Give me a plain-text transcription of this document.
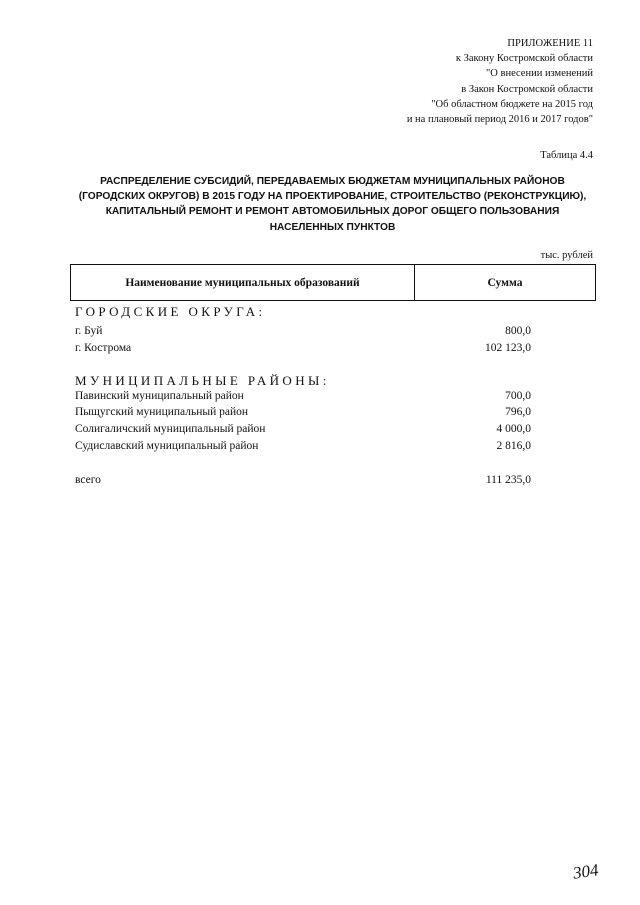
ПРИЛОЖЕНИЕ 11
к Закону Костромской области
"О внесении изменений
в Закон Костромской области
"Об областном бюджете на 2015 год
и на плановый период 2016 и 2017 годов"
Таблица 4.4
РАСПРЕДЕЛЕНИЕ СУБСИДИЙ, ПЕРЕДАВАЕМЫХ БЮДЖЕТАМ МУНИЦИПАЛЬНЫХ РАЙОНОВ (ГОРОДСКИХ ОКРУГОВ) В 2015 ГОДУ НА ПРОЕКТИРОВАНИЕ, СТРОИТЕЛЬСТВО (РЕКОНСТРУКЦИЮ), КАПИТАЛЬНЫЙ РЕМОНТ И РЕМОНТ АВТОМОБИЛЬНЫХ ДОРОГ ОБЩЕГО ПОЛЬЗОВАНИЯ НАСЕЛЕННЫХ ПУНКТОВ
тыс. рублей
Наименование муниципальных образований	Сумма
ГОРОДСКИЕ ОКРУГА:
г. Буй	800,0
г. Кострома	102 123,0
МУНИЦИПАЛЬНЫЕ РАЙОНЫ:
Павинский муниципальный район	700,0
Пыщугский муниципальный район	796,0
Солигаличский муниципальный район	4 000,0
Судиславский муниципальный район	2 816,0
всего	111 235,0
304
